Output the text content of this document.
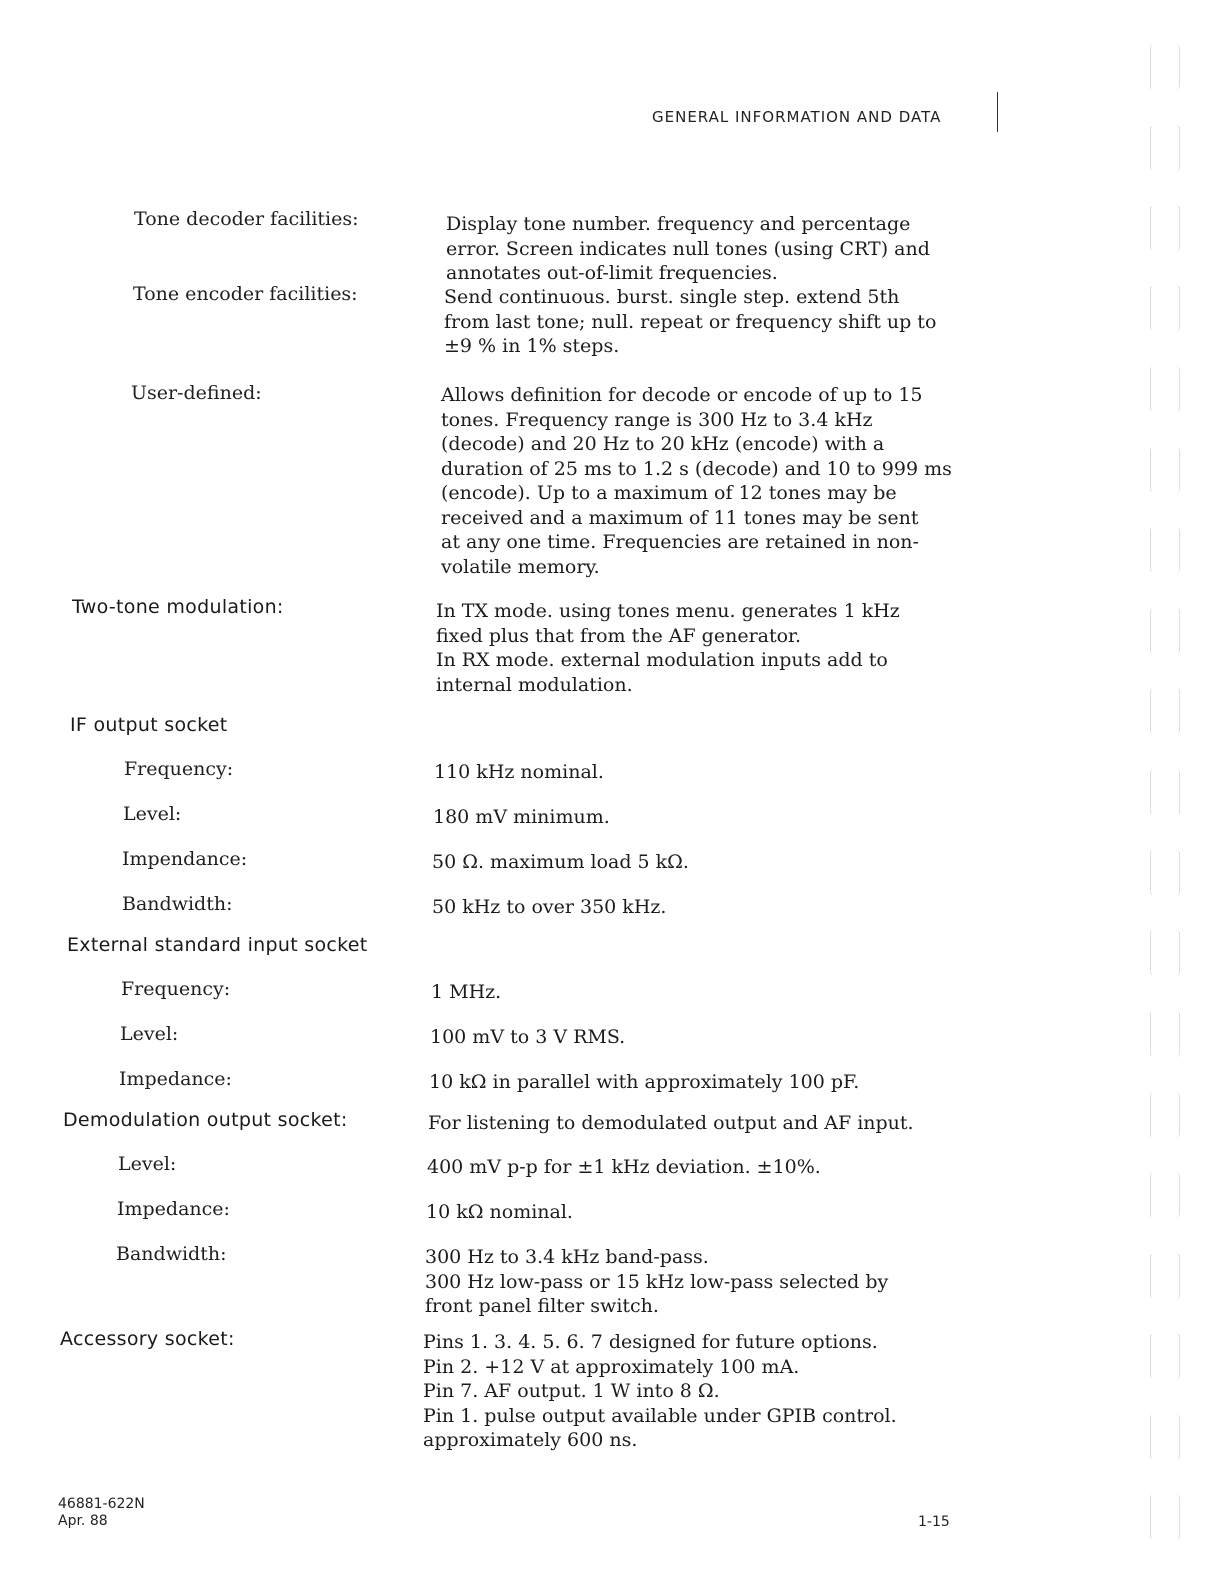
GENERAL INFORMATION AND DATA
Tone decoder facilities:	Display tone number. frequency and percentage
error. Screen indicates null tones (using CRT) and
annotates out-of-limit frequencies.
Tone encoder facilities:	Send continuous. burst. single step. extend 5th
from last tone; null. repeat or frequency shift up to
±9 % in 1% steps.
User-defined:	Allows definition for decode or encode of up to 15
tones. Frequency range is 300 Hz to 3.4 kHz
(decode) and 20 Hz to 20 kHz (encode) with a
duration of 25 ms to 1.2 s (decode) and 10 to 999 ms
(encode). Up to a maximum of 12 tones may be
received and a maximum of 11 tones may be sent
at any one time. Frequencies are retained in non-
volatile memory.
Two-tone modulation:	In TX mode. using tones menu. generates 1 kHz
fixed plus that from the AF generator.
In RX mode. external modulation inputs add to
internal modulation.
IF output socket
Frequency:	110 kHz nominal.
Level:	180 mV minimum.
Impendance:	50 Ω. maximum load 5 kΩ.
Bandwidth:	50 kHz to over 350 kHz.
External standard input socket
Frequency:	1 MHz.
Level:	100 mV to 3 V RMS.
Impedance:	10 kΩ in parallel with approximately 100 pF.
Demodulation output socket:	For listening to demodulated output and AF input.
Level:	400 mV p-p for ±1 kHz deviation. ±10%.
Impedance:	10 kΩ nominal.
Bandwidth:	300 Hz to 3.4 kHz band-pass.
300 Hz low-pass or 15 kHz low-pass selected by
front panel filter switch.
Accessory socket:	Pins 1. 3. 4. 5. 6. 7 designed for future options.
Pin 2. +12 V at approximately 100 mA.
Pin 7. AF output. 1 W into 8 Ω.
Pin 1. pulse output available under GPIB control.
approximately 600 ns.
46881-622N
Apr. 88	1-15
